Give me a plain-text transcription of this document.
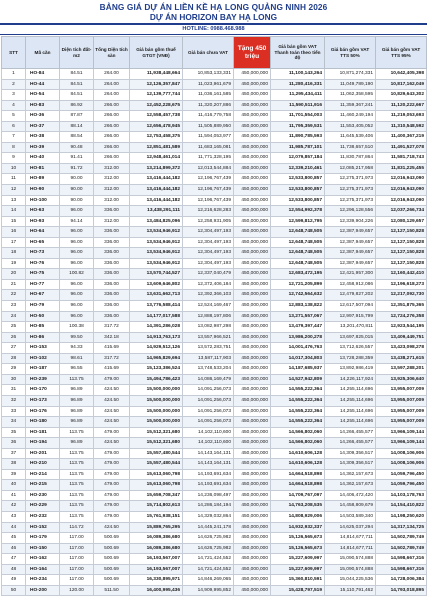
BẢNG GIÁ DỰ ÁN LIỀN KỀ HẠ LONG QUẢNG NINH 2026
DỰ ÁN HORIZON BAY HẠ LONG
HOTLINE: 0988.468.988
STT	Mã căn	Diện tích đất-m2	Tổng Diện tích sàn	Giá bán gồm thuế GTGT (VNĐ)	Giá bán chưa VAT	Tặng 450 triệu	Giá bán gồm VAT Thanh toán theo tiến độ	Giá bán gồm VAT TTS 50%	Giá bán gồm VAT TTS 95%
1	HO-84	84.51	264.00	11,938,448,664	10,853,133,331	450,000,000	11,100,143,264	10,871,274,331	10,642,405,398
2	HO-44	84.51	264.00	12,126,357,847	11,023,961,679	450,000,000	11,280,416,331	11,049,789,190	10,817,162,049
3	HO-54	84.51	264.00	12,139,777,744	11,036,161,585	450,000,000	11,295,434,411	11,062,358,595	10,829,643,302
4	HO-83	86.92	266.00	12,452,228,675	11,320,207,886	450,000,000	11,590,511,916	11,359,367,241	11,120,222,667
5	HO-36	87.87	266.00	12,558,457,738	11,416,779,758	450,000,000	11,701,554,003	11,460,249,194	11,219,053,693
6	HO-37	88.14	266.00	12,656,478,945	11,505,889,950	450,000,000	11,795,359,531	11,553,405,052	11,310,548,592
7	HO-38	88.54	266.00	12,753,458,375	11,594,053,977	450,000,000	11,890,785,593	11,645,539,406	11,400,367,219
8	HO-39	90.48	266.00	12,851,481,589	11,683,165,081	450,000,000	11,985,787,101	11,738,657,510	11,491,527,078
9	HO-40	91.41	266.00	12,948,461,014	11,771,328,195	450,000,000	12,079,857,184	11,830,787,864	11,581,718,743
10	HO-81	91.72	312.00	13,214,899,372	12,013,544,884	450,000,000	12,339,210,461	12,085,217,958	11,831,225,455
11	HO-89	90.00	312.00	13,416,444,182	12,196,767,439	450,000,000	12,533,800,857	12,275,371,973	12,016,943,090
12	HO-90	90.00	312.00	13,416,444,182	12,196,767,439	450,000,000	12,533,800,857	12,275,371,973	12,016,943,090
13	HO-100	90.00	312.00	13,416,444,182	12,196,767,439	450,000,000	12,533,800,857	12,275,371,973	12,016,943,090
14	HO-63	96.00	336.00	13,438,291,111	12,216,628,283	450,000,000	12,554,992,378	12,296,128,556	12,037,266,734
15	HO-93	94.14	312.00	13,484,825,096	12,258,931,905	450,000,000	12,599,812,795	12,339,904,226	12,080,129,657
16	HO-64	96.00	336.00	13,534,946,912	12,304,497,193	450,000,000	12,648,748,505	12,387,949,657	12,127,150,828
17	HO-65	96.00	336.00	13,534,946,912	12,304,497,193	450,000,000	12,648,748,505	12,387,949,657	12,127,150,828
18	HO-73	96.00	336.00	13,534,946,912	12,304,497,193	450,000,000	12,648,748,505	12,387,949,657	12,127,150,828
19	HO-76	96.00	336.00	13,534,946,912	12,304,497,193	450,000,000	12,648,748,505	12,387,949,657	12,127,150,828
20	HO-75	100.82	336.00	13,570,744,527	12,337,040,479	450,000,000	12,683,472,195	12,421,957,300	12,160,442,410
21	HO-77	96.00	336.00	13,609,646,802	12,372,406,184	450,000,000	12,721,205,899	12,458,912,086	12,196,618,273
22	HO-67	96.00	336.00	13,631,662,713	12,392,366,103	450,000,000	12,742,564,632	12,479,827,202	12,217,092,730
23	HO-79	96.00	336.00	13,776,588,414	12,524,169,467	450,000,000	12,883,138,822	12,617,507,094	12,351,875,365
24	HO-50	96.00	336.00	14,177,017,588	12,888,197,806	450,000,000	13,271,557,067	12,997,915,799	12,724,276,358
25	HO-85	100.38	317.72	14,391,286,028	13,082,987,298	450,000,000	13,479,397,447	13,201,470,811	12,923,544,195
26	HO-86	99.50	342.18	14,913,763,173	13,557,966,521	450,000,000	13,986,200,278	13,697,825,015	13,409,449,751
27	HO-153	94.33	415.69	14,929,512,126	13,572,283,751	450,000,000	14,001,476,763	13,712,626,557	13,423,098,278
28	HO-102	98.61	317.72	14,965,829,694	13,587,117,903	450,000,000	14,017,304,803	13,728,288,359	13,438,271,615
29	HO-187	96.55	415.69	15,123,386,524	13,748,533,204	450,000,000	14,187,685,937	13,892,986,419	13,597,288,201
30	HO-239	113.75	479.00	15,494,786,423	14,086,169,479	450,000,000	14,527,942,809	14,226,117,924	13,925,306,640
31	HO-170	96.89	424.50	15,500,000,000	14,091,256,073	450,000,000	14,555,222,364	14,255,114,696	13,955,007,009
32	HO-173	96.89	424.50	15,500,000,000	14,091,256,073	450,000,000	14,555,222,364	14,255,114,696	13,955,007,009
33	HO-176	96.89	424.50	15,500,000,000	14,091,256,073	450,000,000	14,555,222,364	14,255,114,696	13,955,007,009
34	HO-180	96.89	424.50	15,500,000,000	14,091,256,073	450,000,000	14,555,222,364	14,255,114,696	13,955,007,009
35	HO-181	113.75	479.00	15,512,321,680	14,102,110,600	450,000,000	14,566,802,060	14,266,455,577	13,966,109,144
36	HO-194	96.89	424.50	15,512,321,680	14,102,110,600	450,000,000	14,566,802,060	14,266,455,577	13,966,109,144
37	HO-201	113.75	479.00	15,557,480,544	14,143,164,131	450,000,000	14,610,606,128	14,309,356,517	14,008,106,906
38	HO-210	113.75	479.00	15,557,480,544	14,143,164,131	450,000,000	14,610,606,128	14,309,356,517	14,008,106,906
39	HO-214	113.75	479.00	15,613,060,798	14,193,691,634	450,000,000	14,664,518,898	14,362,157,673	14,059,796,450
40	HO-215	113.75	479.00	15,613,060,798	14,193,691,634	450,000,000	14,664,518,898	14,362,157,673	14,059,796,450
41	HO-230	113.75	479.00	15,659,708,347	14,236,098,497	450,000,000	14,709,767,097	14,406,472,420	14,103,178,763
42	HO-229	113.75	479.00	15,714,802,613	14,286,184,194	450,000,000	14,763,208,535	14,458,809,679	14,154,410,822
43	HO-232	113.75	479.00	15,761,938,151	14,329,032,864	450,000,000	14,808,929,006	14,503,589,340	14,198,250,620
44	HO-152	114.72	424.50	15,889,765,295	14,445,241,178	450,000,000	14,932,932,337	14,625,037,294	14,317,134,725
45	HO-179	117.00	500.69	16,089,386,680	14,626,725,982	450,000,000	15,126,565,673	14,814,677,711	14,502,789,749
46	HO-150	117.00	500.69	16,089,386,680	14,626,725,982	450,000,000	15,126,565,673	14,814,677,711	14,502,789,749
47	HO-162	117.00	500.69	16,193,567,007	14,721,424,552	450,000,000	15,227,609,997	15,090,574,888	14,598,667,316
48	HO-164	117.00	500.69	16,193,567,007	14,721,424,552	450,000,000	15,227,609,997	15,090,574,888	14,598,667,316
49	HO-234	117.00	500.69	16,330,895,971	14,846,269,065	450,000,000	15,360,810,591	15,044,225,536	14,728,006,384
50	HO-200	120.00	511.50	16,400,995,436	14,909,995,852	450,000,000	15,428,797,519	15,110,791,462	14,793,018,895
